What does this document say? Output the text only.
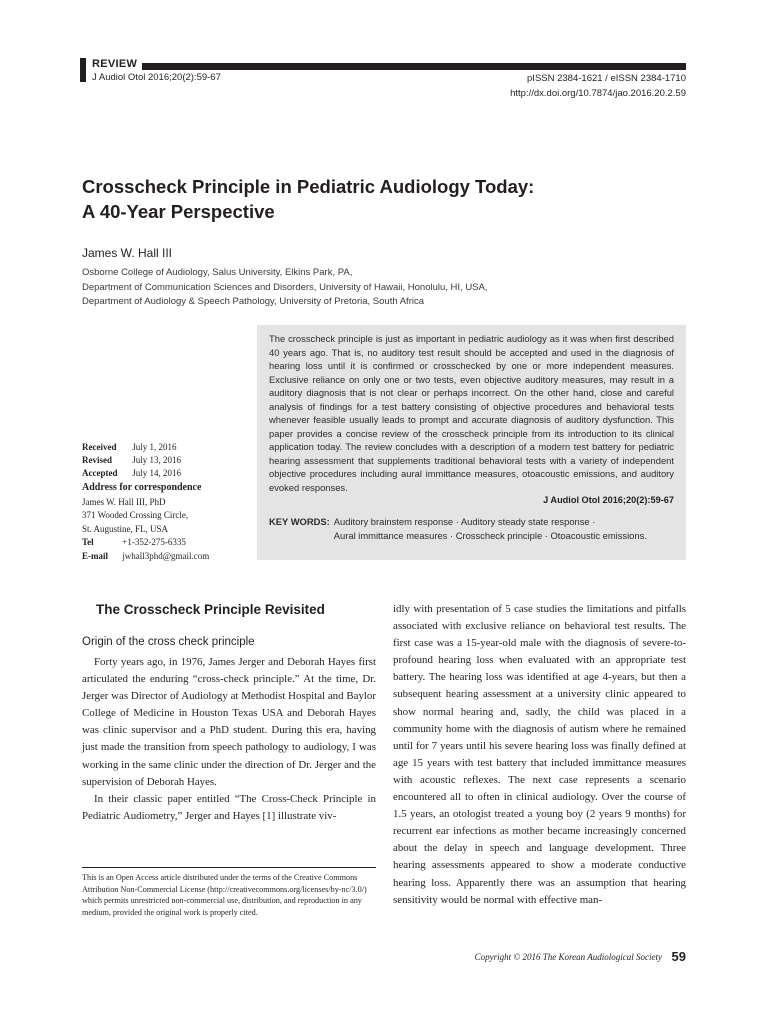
REVIEW
J Audiol Otol 2016;20(2):59-67	pISSN 2384-1621 / eISSN 2384-1710
http://dx.doi.org/10.7874/jao.2016.20.2.59
Crosscheck Principle in Pediatric Audiology Today:
A 40-Year Perspective
James W. Hall III
Osborne College of Audiology, Salus University, Elkins Park, PA,
Department of Communication Sciences and Disorders, University of Hawaii, Honolulu, HI, USA,
Department of Audiology & Speech Pathology, University of Pretoria, South Africa
Received July 1, 2016
Revised July 13, 2016
Accepted July 14, 2016
Address for correspondence
James W. Hall III, PhD
371 Wooded Crossing Circle,
St. Augustine, FL, USA
Tel	+1-352-275-6335
E-mail jwhall3phd@gmail.com

The crosscheck principle is just as important in pediatric audiology as it was when first described 40 years ago. That is, no auditory test result should be accepted and used in the diagnosis of hearing loss until it is confirmed or crosschecked by one or more independent measures. Exclusive reliance on only one or two tests, even objective auditory measures, may result in a auditory diagnosis that is not clear or perhaps incorrect. On the other hand, close and careful analysis of findings for a test battery consisting of objective procedures and behavioral tests whenever feasible usually leads to prompt and accurate diagnosis of auditory dysfunction. This paper provides a concise review of the crosscheck principle from its introduction to its clinical application today. The review concludes with a description of a modern test battery for pediatric hearing assessment that supplements traditional behavioral tests with a variety of independent objective procedures including aural immittance measures, otoacoustic emissions, and auditory evoked responses.

J Audiol Otol 2016;20(2):59-67
KEY WORDS: Auditory brainstem response · Auditory steady state response ·
Aural immittance measures · Crosscheck principle · Otoacoustic emissions.
The Crosscheck Principle Revisited
Origin of the cross check principle

Forty years ago, in 1976, James Jerger and Deborah Hayes first articulated the enduring “cross-check principle.” At the time, Dr. Jerger was Director of Audiology at Methodist Hospital and Baylor College of Medicine in Houston Texas USA and Deborah Hayes was clinic supervisor and a PhD student. During this era, having just made the transition from speech pathology to audiology, I was working in the same clinic under the direction of Dr. Jerger and the supervision of Deborah Hayes.

In their classic paper entitled “The Cross-Check Principle in Pediatric Audiometry,” Jerger and Hayes [1] illustrate viv-

idly with presentation of 5 case studies the limitations and pitfalls associated with exclusive reliance on behavioral test results. The first case was a 15-year-old male with the diagnosis of severe-to-profound hearing loss when evaluated with an appropriate test battery. The hearing loss was identified at age 4-years, but then a subsequent hearing assessment at a university clinic appeared to show normal hearing and, sadly, the child was placed in a community home with the diagnosis of autism where he remained until for 7 years until his severe hearing loss was finally defined at age 15 years with test battery that included immittance measures with acoustic reflexes. The next case represents a scenario encountered all to often in clinical audiology. Over the course of 1.5 years, an otologist treated a young boy (2 years 9 months) for recurrent ear infections as mother became increasingly concerned about the delay in speech and language development. Three hearing assessments appeared to show a moderate conductive hearing loss. Apparently there was an assumption that hearing sensitivity would be normal with effective man-

This is an Open Access article distributed under the terms of the Creative Commons Attribution Non-Commercial License (http://creativecommons.org/licenses/by-nc/3.0/) which permits unrestricted non-commercial use, distribution, and reproduction in any medium, provided the original work is properly cited.
Copyright © 2016 The Korean Audiological Society 59
